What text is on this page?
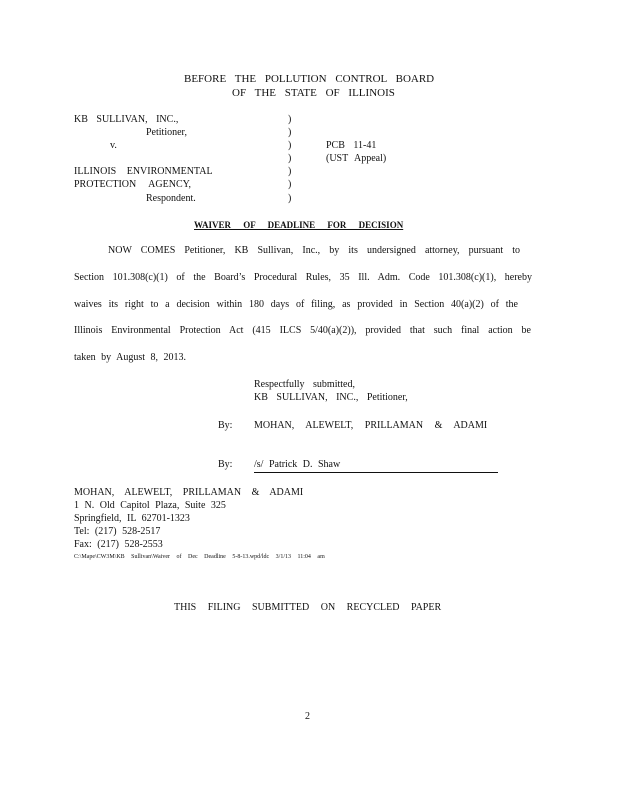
BEFORE THE POLLUTION CONTROL BOARD
OF THE STATE OF ILLINOIS
KB SULLIVAN, INC.,
Petitioner,
v.
ILLINOIS ENVIRONMENTAL
PROTECTION AGENCY,
Respondent.
)
)
)
)
)
)
)
PCB 11-41
(UST Appeal)
WAIVER OF DEADLINE FOR DECISION
NOW COMES Petitioner, KB Sullivan, Inc., by its undersigned attorney, pursuant to
Section 101.308(c)(1) of the Board’s Procedural Rules, 35 Ill. Adm. Code 101.308(c)(1), hereby
waives its right to a decision within 180 days of filing, as provided in Section 40(a)(2) of the
Illinois Environmental Protection Act (415 ILCS 5/40(a)(2)), provided that such final action be
taken by August 8, 2013.
Respectfully submitted,
KB SULLIVAN, INC., Petitioner,
By: MOHAN, ALEWELT, PRILLAMAN & ADAMI
By: /s/ Patrick D. Shaw
MOHAN, ALEWELT, PRILLAMAN & ADAMI
1 N. Old Capitol Plaza, Suite 325
Springfield, IL 62701-1323
Tel: (217) 528-2517
Fax: (217) 528-2553
C:\Mape\CW3M\KB Sullivan\Waiver of Dec Deadline 5-8-13.wpd/ldc 3/1/13 11:04 am
THIS FILING SUBMITTED ON RECYCLED PAPER
2
